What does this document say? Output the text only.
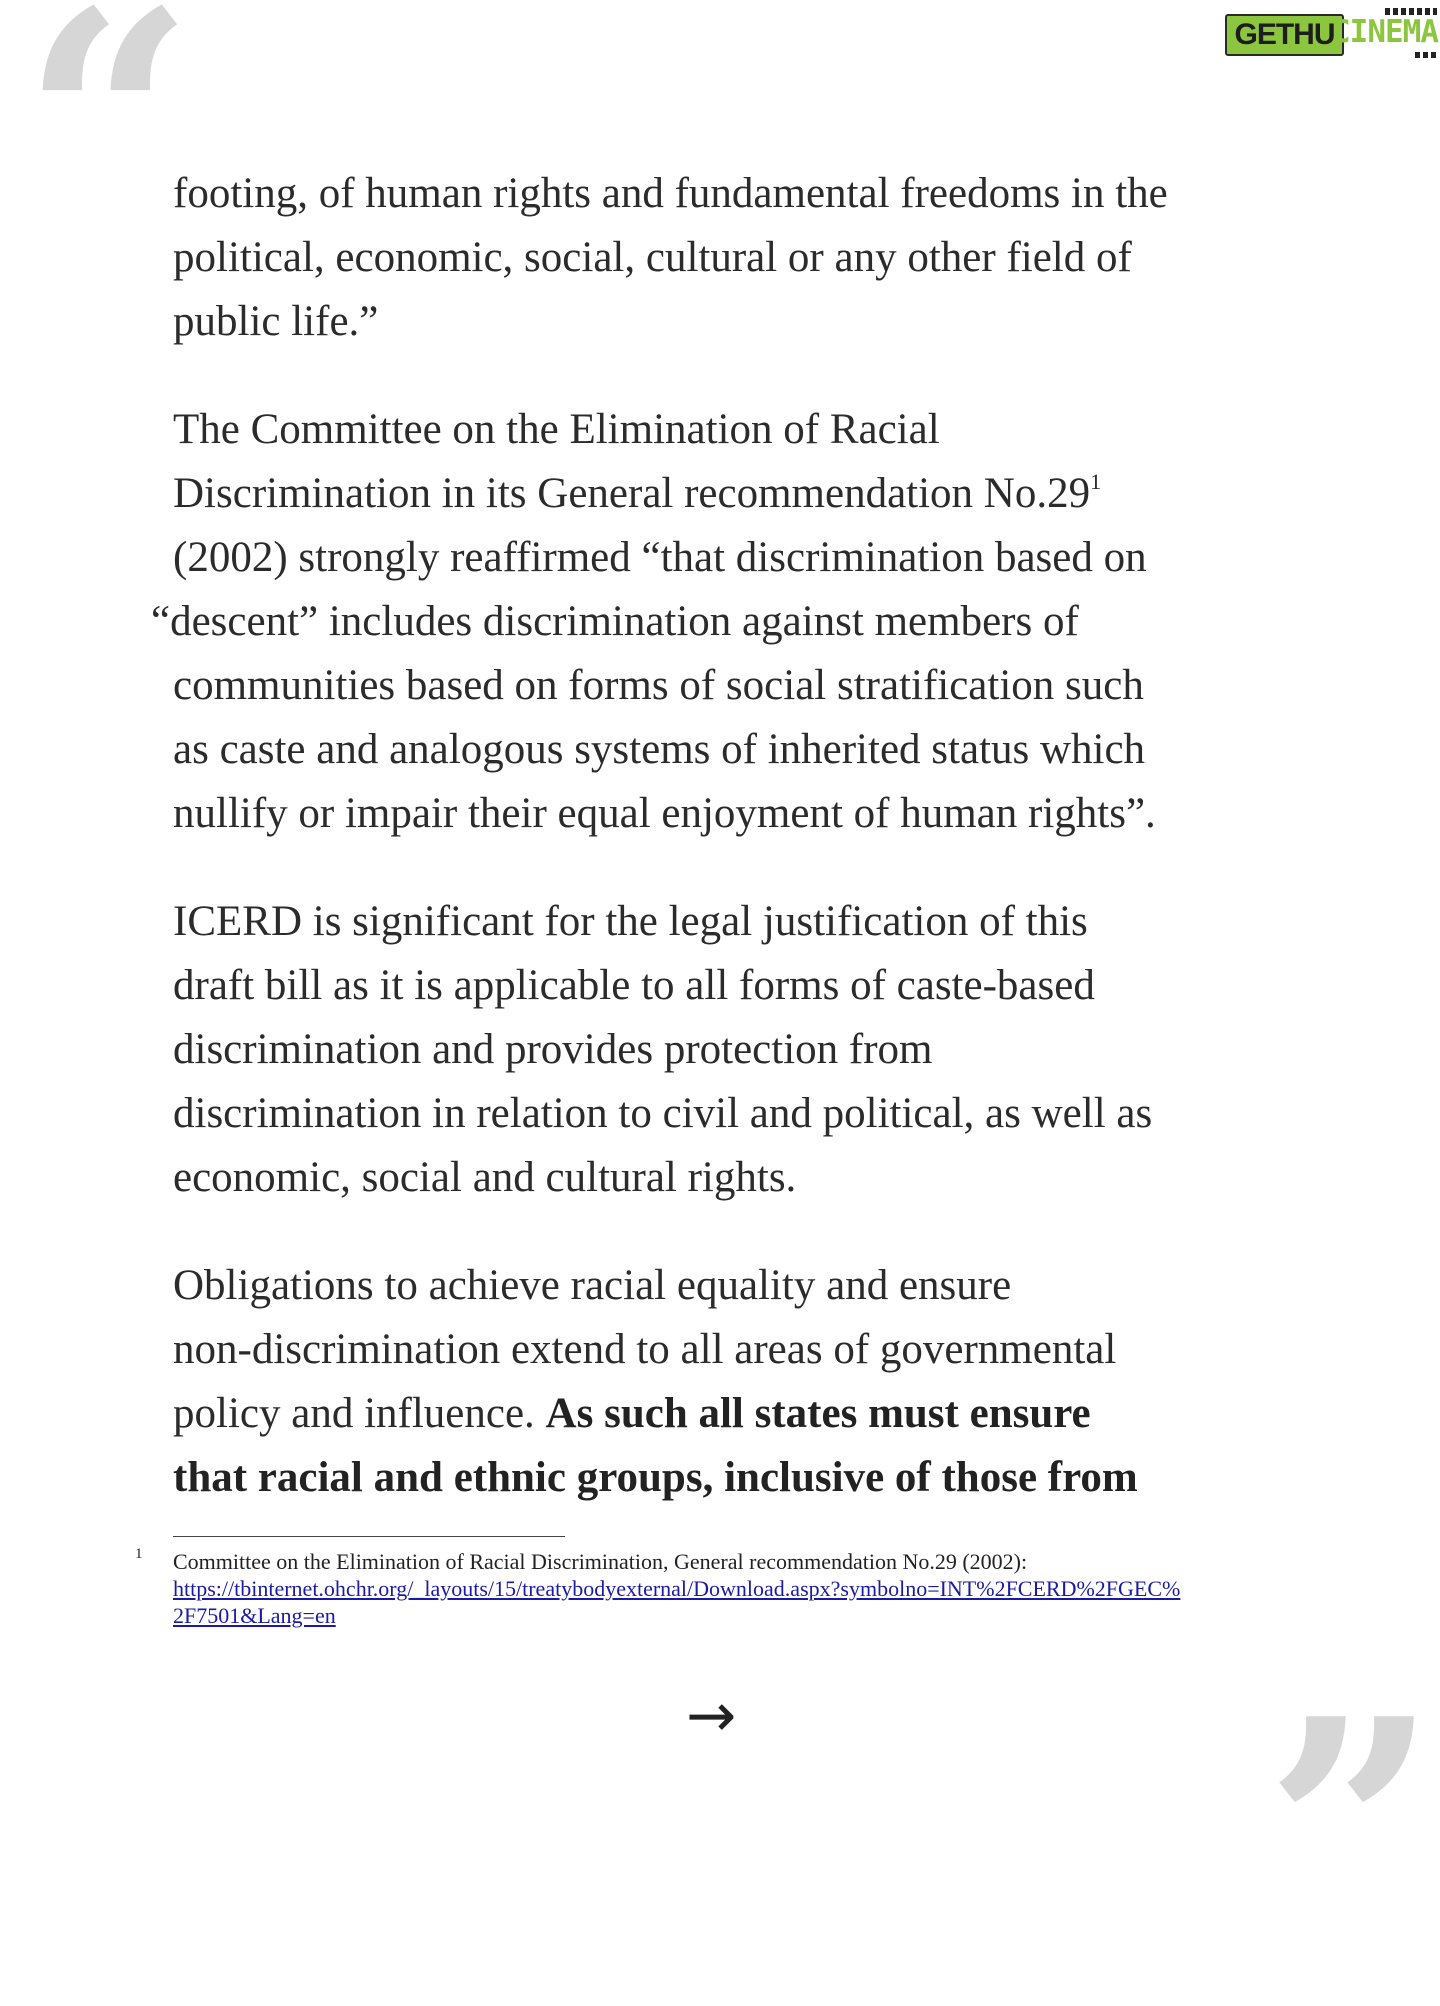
“	GETHU
CINEMA

footing, of human rights and fundamental freedoms in the
political, economic, social, cultural or any other field of
public life.”

The Committee on the Elimination of Racial
Discrimination in its General recommendation $No.29^1$
(2002) strongly reaffirmed “that discrimination based on
“descent” includes discrimination against members of
communities based on forms of social stratification such
as caste and analogous systems of inherited status which
nullify or impair their equal enjoyment of human rights”.

ICERD is significant for the legal justification of this
draft bill as it is applicable to all forms of caste-based
discrimination and provides protection from
discrimination in relation to civil and political, as well as
economic, social and cultural rights.

Obligations to achieve racial equality and ensure
non-discrimination extend to all areas of governmental
policy and influence. As such all states must ensure
that racial and ethnic groups, inclusive of those from

1 Committee on the Elimination of Racial Discrimination, General recommendation No.29 (2002):
https://tbinternet.ohchr.org/_layouts/15/treatybodyexternal/Download.aspx?symbolno=INT%2FCERD%2FGEC%
2F7501&Lang=en
→ ”
